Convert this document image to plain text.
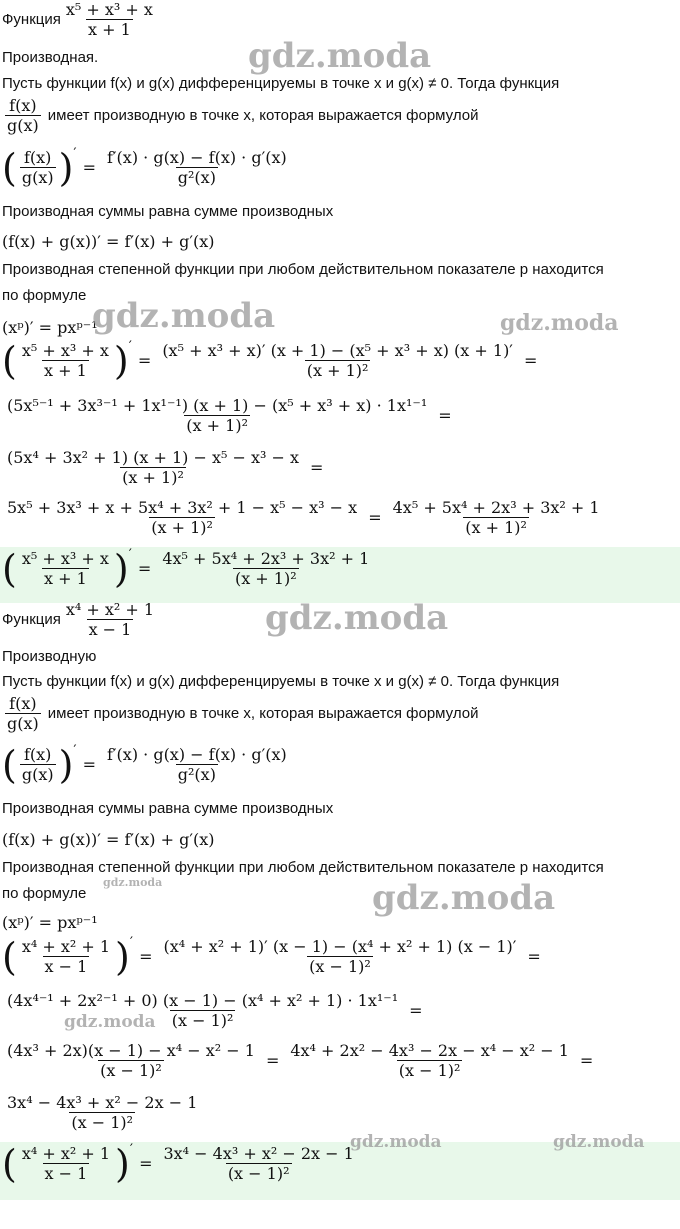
Функция $\frac{\text{x⁵ + x³ + x}}{x + 1}$
Производная.
Пусть функции f(x) и g(x) дифференцируемы в точке x и g(x) ≠ 0. Тогда функция
$\frac{f(x)}{g(x)}$ имеет производную в точке x, которая выражается формулой
( $\frac{f(x)}{g(x)}$ ) ′
= $\frac{f'(x) \cdot g(x) - f(x) \cdot g'(x)}{\text{g²(x)}}$
Производная суммы равна сумме производных
(f(x) + g(x))′ = f′(x) + g′(x)
Производная степенной функции при любом действительном показателе p находится
по формуле
(xᵖ)′ = pxᵖ⁻¹
( $\frac{\text{x⁵ + x³ + x}}{x + 1}$ ) ′
= $\frac{\text{(x⁵ + x³ + x)′ (x + 1) − (x⁵ + x³ + x) (x + 1)′}}{\text{(x + 1)²}}$ =
$\frac{\text{(5x⁵⁻¹ + 3x³⁻¹ + 1x¹⁻¹) (x + 1) − (x⁵ + x³ + x) · 1x¹⁻¹}}{\text{(x + 1)²}}$ =
$\frac{\text{(5x⁴ + 3x² + 1) (x + 1) − x⁵ − x³ − x}}{\text{(x + 1)²}}$ =
$\frac{\text{5x⁵ + 3x³ + x + 5x⁴ + 3x² + 1 − x⁵ − x³ − x}}{\text{(x + 1)²}} = \frac{\text{4x⁵ + 5x⁴ + 2x³ + 3x² + 1}}{\text{(x + 1)²}}$
( $\frac{\text{x⁵ + x³ + x}}{x + 1}$ ) ′
= $\frac{\text{4x⁵ + 5x⁴ + 2x³ + 3x² + 1}}{\text{(x + 1)²}}$
Функция $\frac{\text{x⁴ + x² + 1}}{x - 1}$
Производную
Пусть функции f(x) и g(x) дифференцируемы в точке x и g(x) ≠ 0. Тогда функция
$\frac{f(x)}{g(x)}$ имеет производную в точке x, которая выражается формулой
( $\frac{f(x)}{g(x)}$ ) ′
= $\frac{f'(x) \cdot g(x) - f(x) \cdot g'(x)}{\text{g²(x)}}$
Производная суммы равна сумме производных
(f(x) + g(x))′ = f′(x) + g′(x)
Производная степенной функции при любом действительном показателе p находится
по формуле
(xᵖ)′ = pxᵖ⁻¹
( $\frac{\text{x⁴ + x² + 1}}{x - 1}$ ) ′
= $\frac{\text{(x⁴ + x² + 1)′ (x − 1) − (x⁴ + x² + 1) (x − 1)′}}{\text{(x − 1)²}}$ =
$\frac{\text{(4x⁴⁻¹ + 2x²⁻¹ + 0) (x − 1) − (x⁴ + x² + 1) · 1x¹⁻¹}}{\text{(x − 1)²}}$ =
$\frac{\text{(4x³ + 2x)(x − 1) − x⁴ − x² − 1}}{\text{(x − 1)²}} = \frac{\text{4x⁴ + 2x² − 4x³ − 2x − x⁴ − x² − 1}}{\text{(x − 1)²}}$ =
$\frac{\text{3x⁴ − 4x³ + x² − 2x − 1}}{\text{(x − 1)²}}$
( $\frac{\text{x⁴ + x² + 1}}{x - 1}$ ) ′
= $\frac{\text{3x⁴ − 4x³ + x² − 2x − 1}}{\text{(x − 1)²}}$
gdz.moda
gdz.moda	gdz.moda
gdz.moda
gdz.moda	gdz.moda
gdz.moda
gdz.moda	gdz.moda
